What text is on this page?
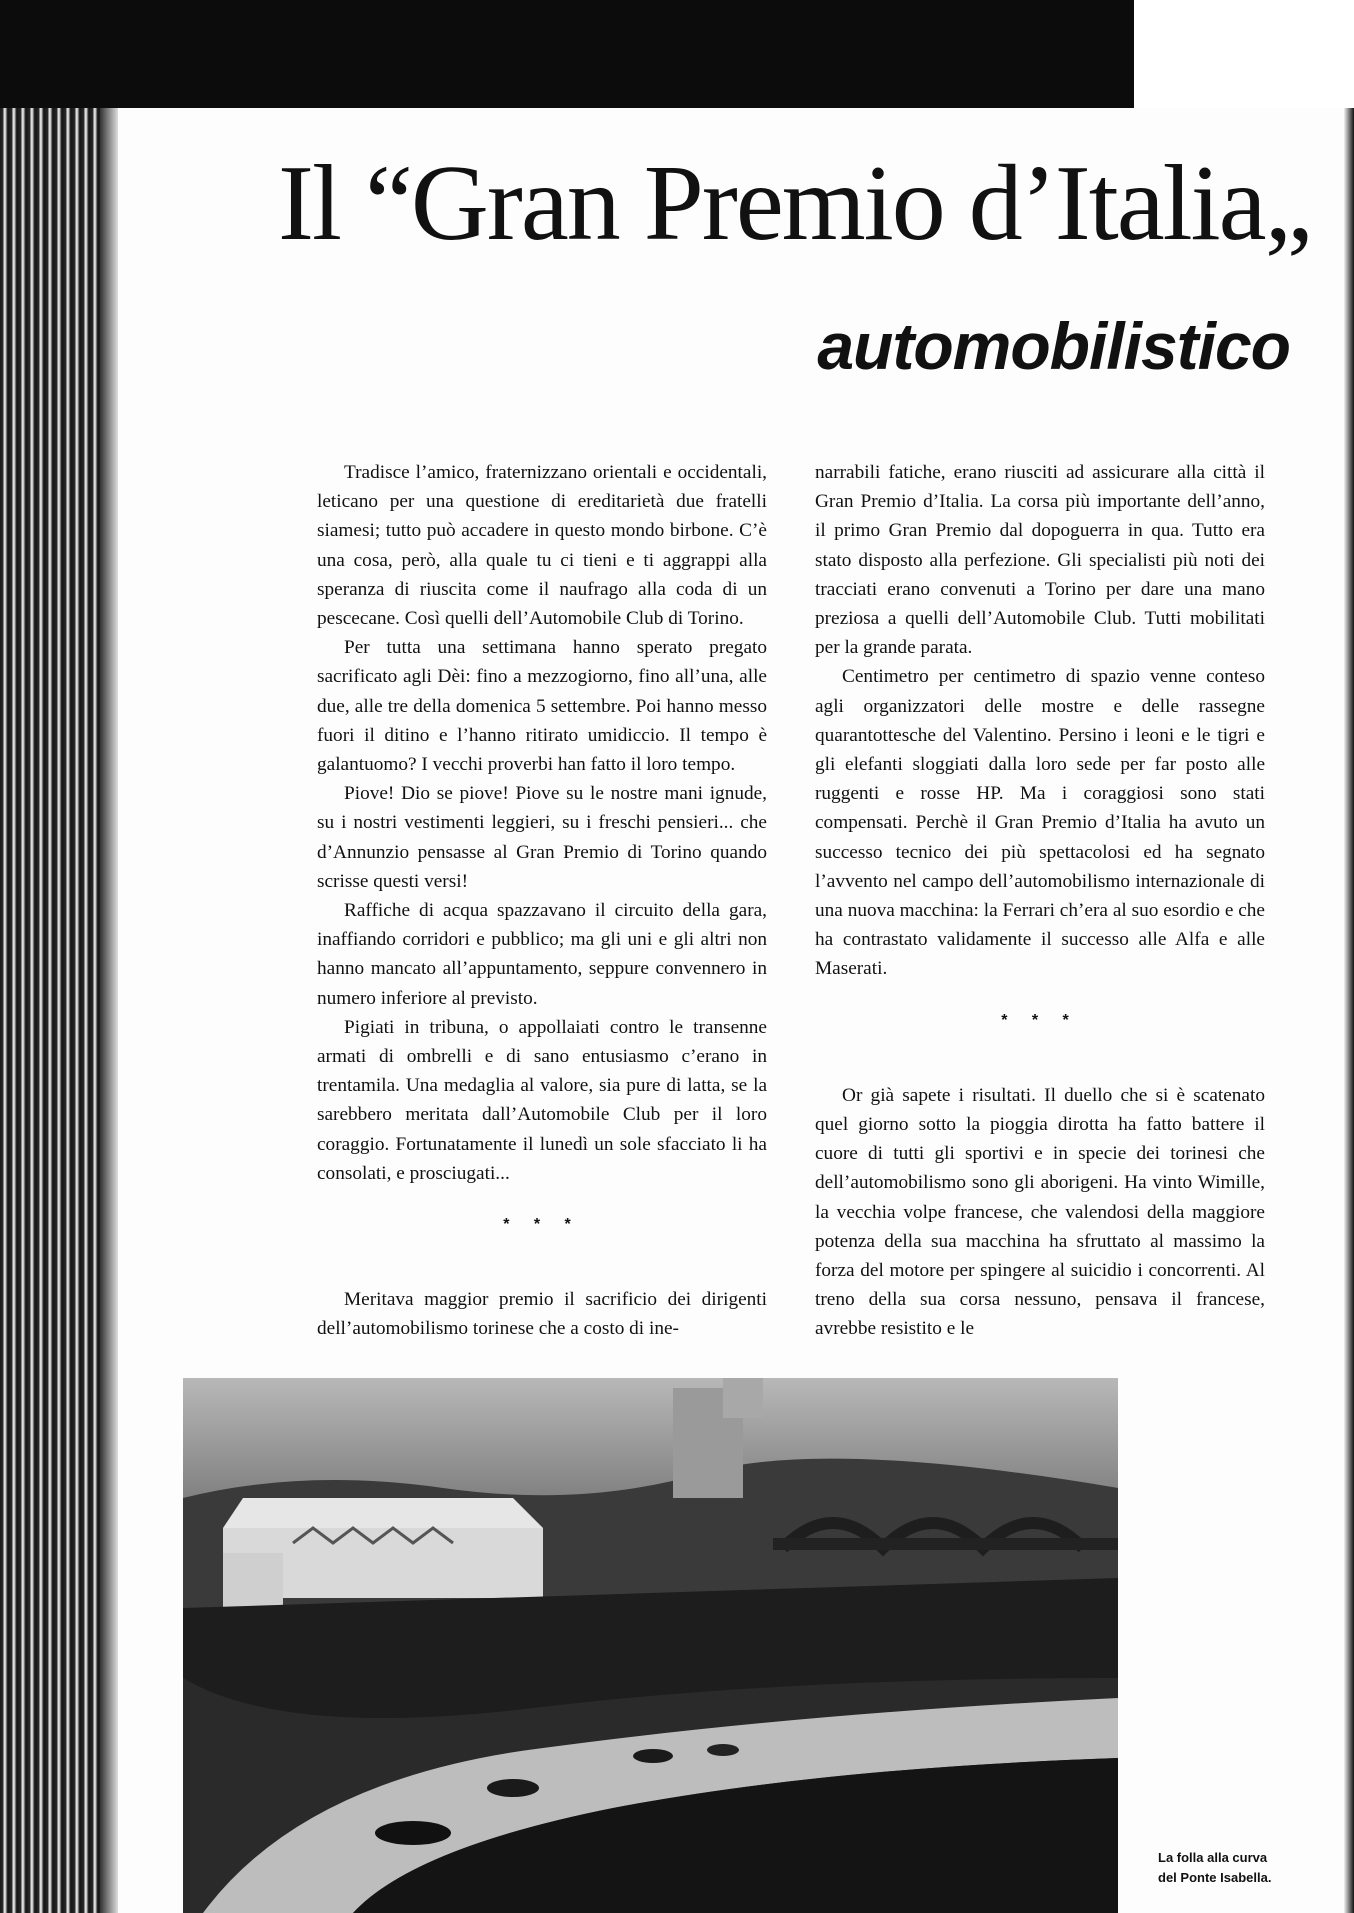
Il “Gran Premio d’Italia„
automobilistico

Tradisce l’amico, fraternizzano orientali e occidentali, leticano per una questione di ereditarietà due fratelli siamesi; tutto può accadere in questo mondo birbone. C’è una cosa, però, alla quale tu ci tieni e ti aggrappi alla speranza di riuscita come il naufrago alla coda di un pescecane. Così quelli dell’Automobile Club di Torino.

Per tutta una settimana hanno sperato pregato sacrificato agli Dèi: fino a mezzogiorno, fino all’una, alle due, alle tre della domenica 5 settembre. Poi hanno messo fuori il ditino e l’hanno ritirato umidiccio. Il tempo è galantuomo? I vecchi proverbi han fatto il loro tempo.

Piove! Dio se piove! Piove su le nostre mani ignude, su i nostri vestimenti leggieri, su i freschi pensieri... che d’Annunzio pensasse al Gran Premio di Torino quando scrisse questi versi!

Raffiche di acqua spazzavano il circuito della gara, inaffiando corridori e pubblico; ma gli uni e gli altri non hanno mancato all’appuntamento, seppure convennero in numero inferiore al previsto.

Pigiati in tribuna, o appollaiati contro le transenne armati di ombrelli e di sano entusiasmo c’erano in trentamila. Una medaglia al valore, sia pure di latta, se la sarebbero meritata dall’Automobile Club per il loro coraggio. Fortunatamente il lunedì un sole sfacciato li ha consolati, e prosciugati...

* * *

Meritava maggior premio il sacrificio dei dirigenti dell’automobilismo torinese che a costo di ine-

narrabili fatiche, erano riusciti ad assicurare alla città il Gran Premio d’Italia. La corsa più importante dell’anno, il primo Gran Premio dal dopoguerra in qua. Tutto era stato disposto alla perfezione. Gli specialisti più noti dei tracciati erano convenuti a Torino per dare una mano preziosa a quelli dell’Automobile Club. Tutti mobilitati per la grande parata.

Centimetro per centimetro di spazio venne conteso agli organizzatori delle mostre e delle rassegne quarantottesche del Valentino. Persino i leoni e le tigri e gli elefanti sloggiati dalla loro sede per far posto alle ruggenti e rosse HP. Ma i coraggiosi sono stati compensati. Perchè il Gran Premio d’Italia ha avuto un successo tecnico dei più spettacolosi ed ha segnato l’avvento nel campo dell’automobilismo internazionale di una nuova macchina: la Ferrari ch’era al suo esordio e che ha contrastato validamente il successo alle Alfa e alle Maserati.

* * *

Or già sapete i risultati. Il duello che si è scatenato quel giorno sotto la pioggia dirotta ha fatto battere il cuore di tutti gli sportivi e in specie dei torinesi che dell’automobilismo sono gli aborigeni. Ha vinto Wimille, la vecchia volpe francese, che valendosi della maggiore potenza della sua macchina ha sfruttato al massimo la forza del motore per spingere al suicidio i concorrenti. Al treno della sua corsa nessuno, pensava il francese, avrebbe resistito e le

La folla alla curva
del Ponte Isabella.
